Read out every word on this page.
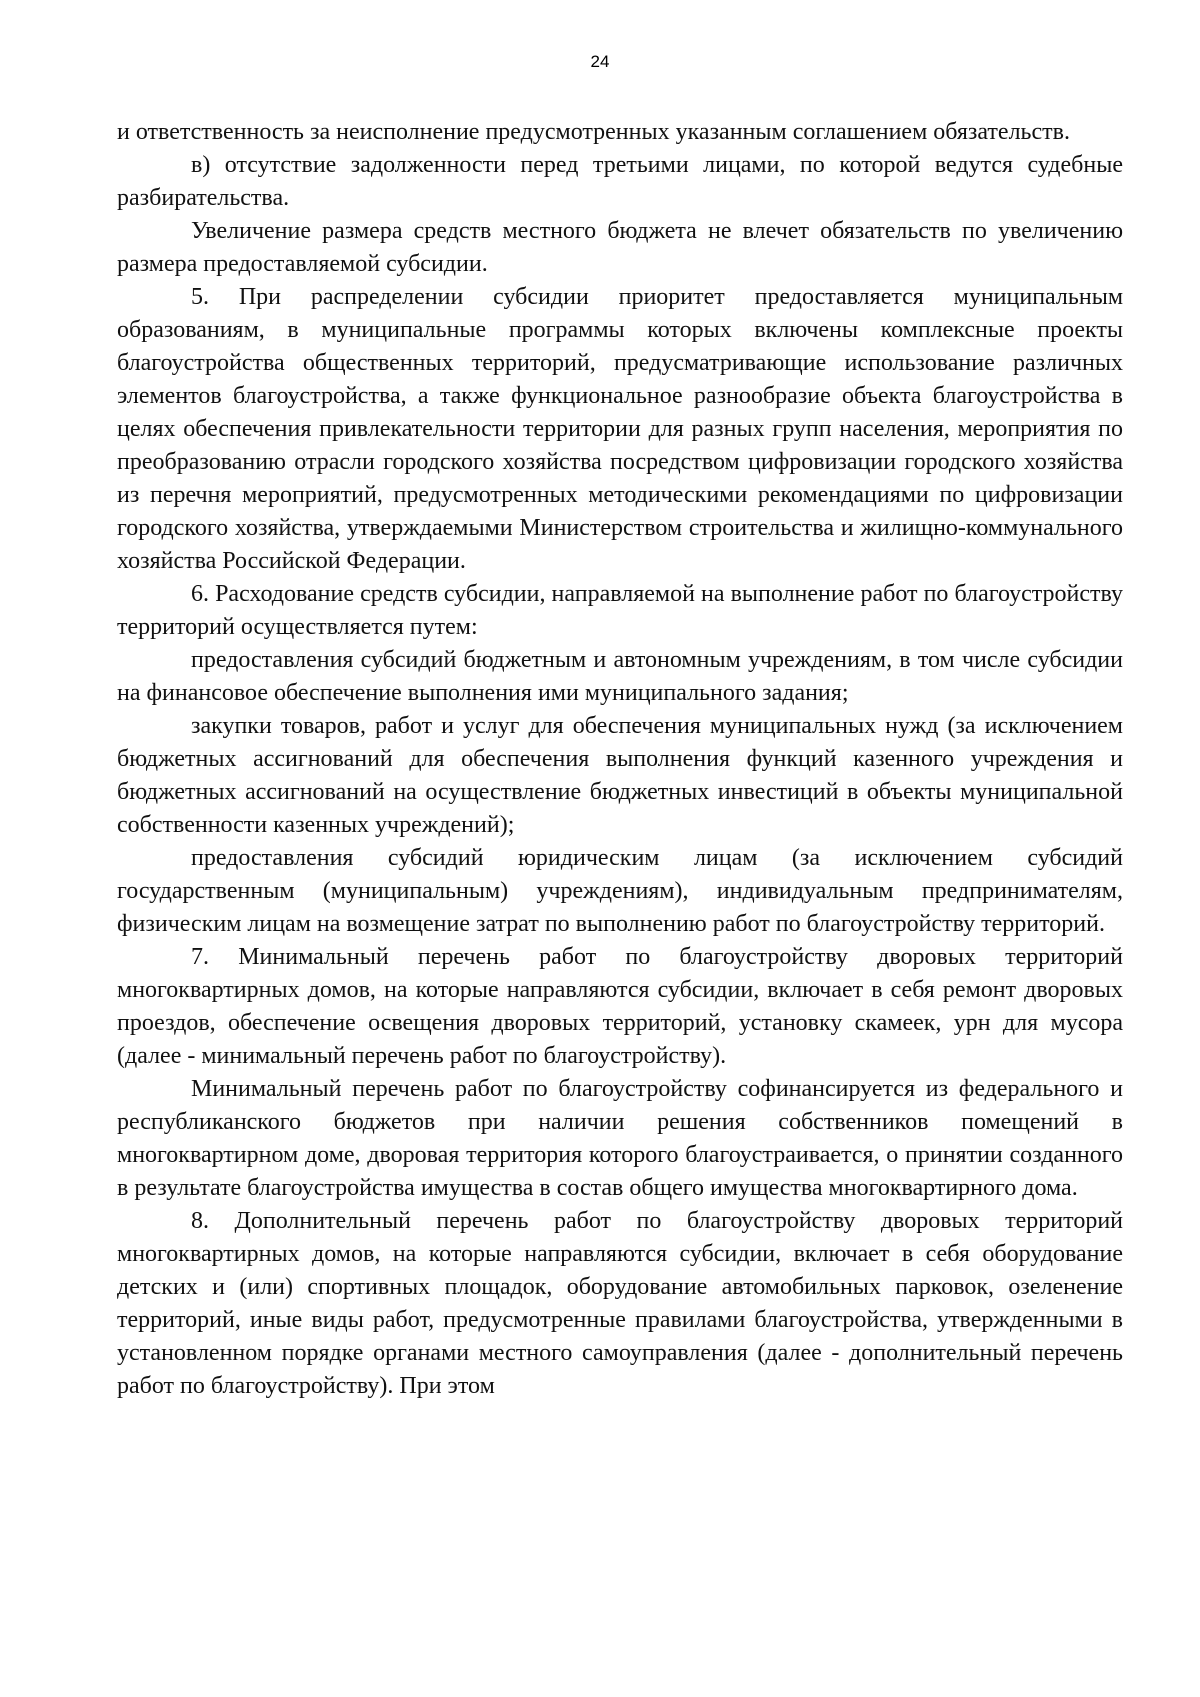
24

и ответственность за неисполнение предусмотренных указанным соглашением обязательств.

в) отсутствие задолженности перед третьими лицами, по которой ведутся судебные разбирательства.

Увеличение размера средств местного бюджета не влечет обязательств по увеличению размера предоставляемой субсидии.

5. При распределении субсидии приоритет предоставляется муниципальным образованиям, в муниципальные программы которых включены комплексные проекты благоустройства общественных территорий, предусматривающие использование различных элементов благоустройства, а также функциональное разнообразие объекта благоустройства в целях обеспечения привлекательности территории для разных групп населения, мероприятия по преобразованию отрасли городского хозяйства посредством цифровизации городского хозяйства из перечня мероприятий, предусмотренных методическими рекомендациями по цифровизации городского хозяйства, утверждаемыми Министерством строительства и жилищно-коммунального хозяйства Российской Федерации.

6. Расходование средств субсидии, направляемой на выполнение работ по благоустройству территорий осуществляется путем:

предоставления субсидий бюджетным и автономным учреждениям, в том числе субсидии на финансовое обеспечение выполнения ими муниципального задания;

закупки товаров, работ и услуг для обеспечения муниципальных нужд (за исключением бюджетных ассигнований для обеспечения выполнения функций казенного учреждения и бюджетных ассигнований на осуществление бюджетных инвестиций в объекты муниципальной собственности казенных учреждений);

предоставления субсидий юридическим лицам (за исключением субсидий государственным (муниципальным) учреждениям), индивидуальным предпринимателям, физическим лицам на возмещение затрат по выполнению работ по благоустройству территорий.

7. Минимальный перечень работ по благоустройству дворовых территорий многоквартирных домов, на которые направляются субсидии, включает в себя ремонт дворовых проездов, обеспечение освещения дворовых территорий, установку скамеек, урн для мусора (далее - минимальный перечень работ по благоустройству).

Минимальный перечень работ по благоустройству софинансируется из федерального и республиканского бюджетов при наличии решения собственников помещений в многоквартирном доме, дворовая территория которого благоустраивается, о принятии созданного в результате благоустройства имущества в состав общего имущества многоквартирного дома.

8. Дополнительный перечень работ по благоустройству дворовых территорий многоквартирных домов, на которые направляются субсидии, включает в себя оборудование детских и (или) спортивных площадок, оборудование автомобильных парковок, озеленение территорий, иные виды работ, предусмотренные правилами благоустройства, утвержденными в установленном порядке органами местного самоуправления (далее - дополнительный перечень работ по благоустройству). При этом
